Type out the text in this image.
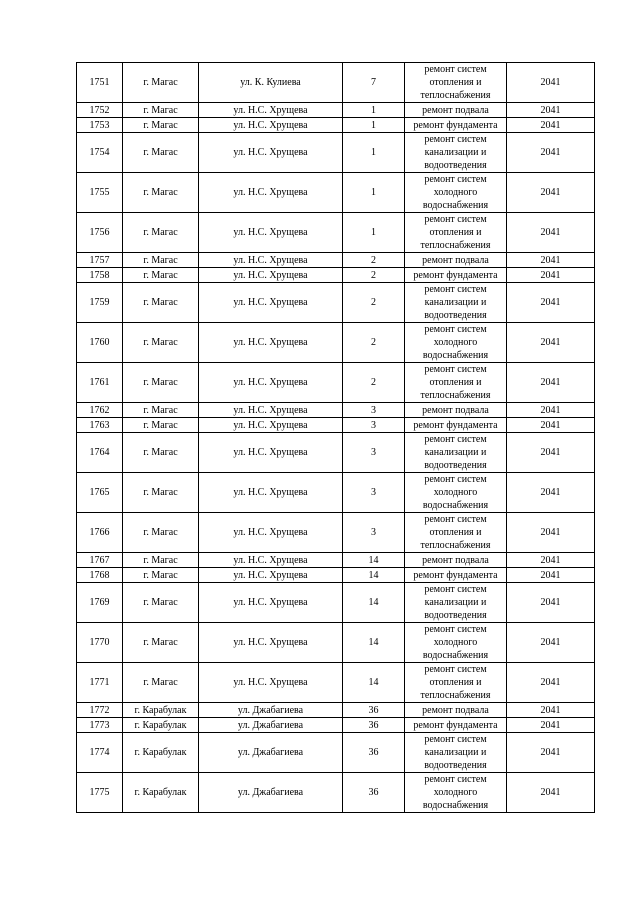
1751	г. Магас	ул. К. Кулиева	7	ремонт систем отопления и теплоснабжения	2041
1752	г. Магас	ул. Н.С. Хрущева	1	ремонт подвала	2041
1753	г. Магас	ул. Н.С. Хрущева	1	ремонт фундамента	2041
1754	г. Магас	ул. Н.С. Хрущева	1	ремонт систем канализации и водоотведения	2041
1755	г. Магас	ул. Н.С. Хрущева	1	ремонт систем холодного водоснабжения	2041
1756	г. Магас	ул. Н.С. Хрущева	1	ремонт систем отопления и теплоснабжения	2041
1757	г. Магас	ул. Н.С. Хрущева	2	ремонт подвала	2041
1758	г. Магас	ул. Н.С. Хрущева	2	ремонт фундамента	2041
1759	г. Магас	ул. Н.С. Хрущева	2	ремонт систем канализации и водоотведения	2041
1760	г. Магас	ул. Н.С. Хрущева	2	ремонт систем холодного водоснабжения	2041
1761	г. Магас	ул. Н.С. Хрущева	2	ремонт систем отопления и теплоснабжения	2041
1762	г. Магас	ул. Н.С. Хрущева	3	ремонт подвала	2041
1763	г. Магас	ул. Н.С. Хрущева	3	ремонт фундамента	2041
1764	г. Магас	ул. Н.С. Хрущева	3	ремонт систем канализации и водоотведения	2041
1765	г. Магас	ул. Н.С. Хрущева	3	ремонт систем холодного водоснабжения	2041
1766	г. Магас	ул. Н.С. Хрущева	3	ремонт систем отопления и теплоснабжения	2041
1767	г. Магас	ул. Н.С. Хрущева	14	ремонт подвала	2041
1768	г. Магас	ул. Н.С. Хрущева	14	ремонт фундамента	2041
1769	г. Магас	ул. Н.С. Хрущева	14	ремонт систем канализации и водоотведения	2041
1770	г. Магас	ул. Н.С. Хрущева	14	ремонт систем холодного водоснабжения	2041
1771	г. Магас	ул. Н.С. Хрущева	14	ремонт систем отопления и теплоснабжения	2041
1772	г. Карабулак	ул. Джабагиева	36	ремонт подвала	2041
1773	г. Карабулак	ул. Джабагиева	36	ремонт фундамента	2041
1774	г. Карабулак	ул. Джабагиева	36	ремонт систем канализации и водоотведения	2041
1775	г. Карабулак	ул. Джабагиева	36	ремонт систем холодного водоснабжения	2041
